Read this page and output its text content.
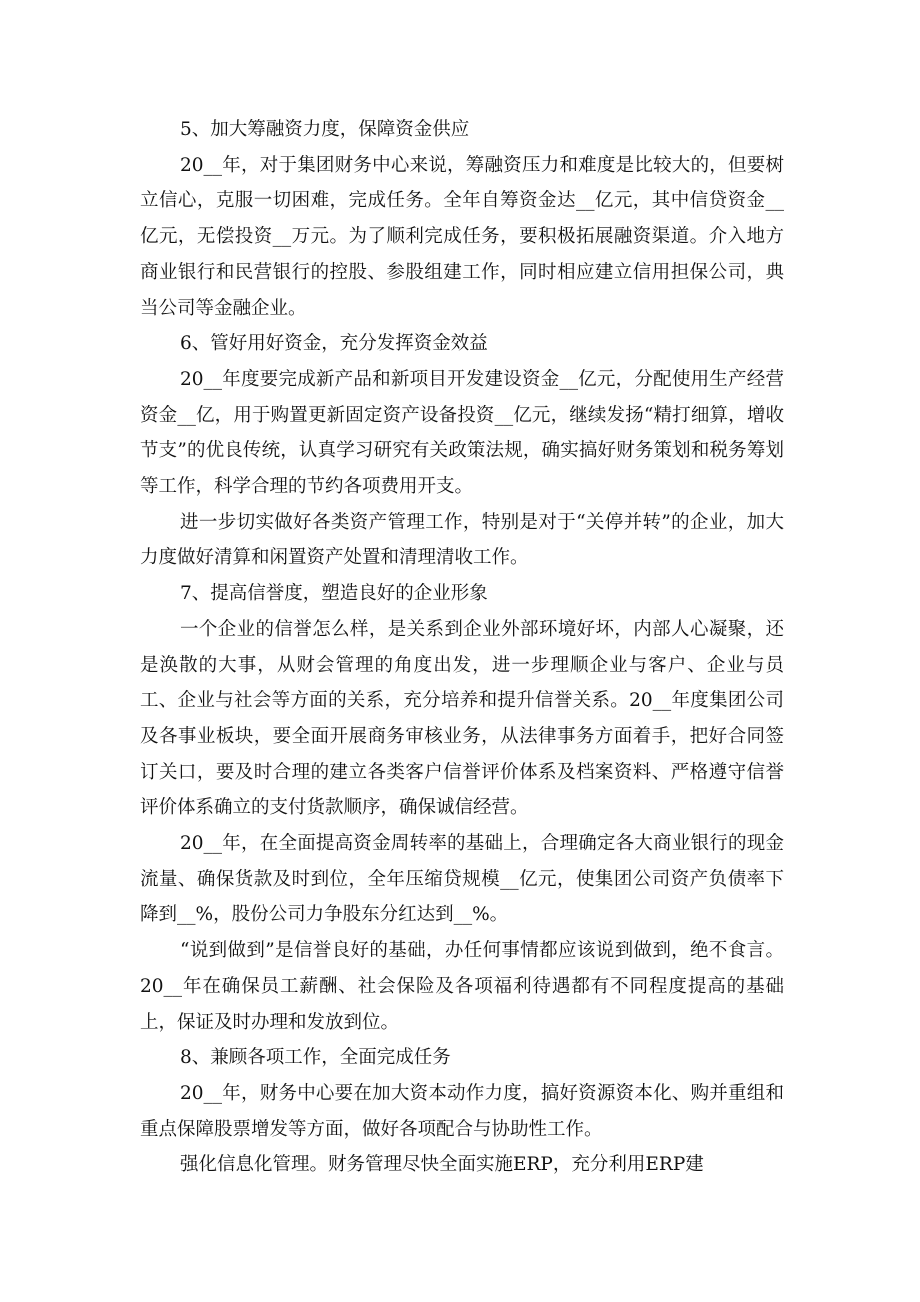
5、加大筹融资力度，保障资金供应

20__年，对于集团财务中心来说，筹融资压力和难度是比较大的，但要树立信心，克服一切困难，完成任务。全年自筹资金达__亿元，其中信贷资金__亿元，无偿投资__万元。为了顺利完成任务，要积极拓展融资渠道。介入地方商业银行和民营银行的控股、参股组建工作，同时相应建立信用担保公司，典当公司等金融企业。

6、管好用好资金，充分发挥资金效益

20__年度要完成新产品和新项目开发建设资金__亿元，分配使用生产经营资金__亿，用于购置更新固定资产设备投资__亿元，继续发扬“精打细算，增收节支”的优良传统，认真学习研究有关政策法规，确实搞好财务策划和税务筹划等工作，科学合理的节约各项费用开支。

进一步切实做好各类资产管理工作，特别是对于“关停并转”的企业，加大力度做好清算和闲置资产处置和清理清收工作。

7、提高信誉度，塑造良好的企业形象

一个企业的信誉怎么样，是关系到企业外部环境好坏，内部人心凝聚，还是涣散的大事，从财会管理的角度出发，进一步理顺企业与客户、企业与员工、企业与社会等方面的关系，充分培养和提升信誉关系。20__年度集团公司及各事业板块，要全面开展商务审核业务，从法律事务方面着手，把好合同签订关口，要及时合理的建立各类客户信誉评价体系及档案资料、严格遵守信誉评价体系确立的支付货款顺序，确保诚信经营。

20__年，在全面提高资金周转率的基础上，合理确定各大商业银行的现金流量、确保货款及时到位，全年压缩贷规模__亿元，使集团公司资产负债率下降到__%，股份公司力争股东分红达到__%。

“说到做到”是信誉良好的基础，办任何事情都应该说到做到，绝不食言。20__年在确保员工薪酬、社会保险及各项福利待遇都有不同程度提高的基础上，保证及时办理和发放到位。

8、兼顾各项工作，全面完成任务

20__年，财务中心要在加大资本动作力度，搞好资源资本化、购并重组和重点保障股票增发等方面，做好各项配合与协助性工作。

强化信息化管理。财务管理尽快全面实施ERP，充分利用ERP建
